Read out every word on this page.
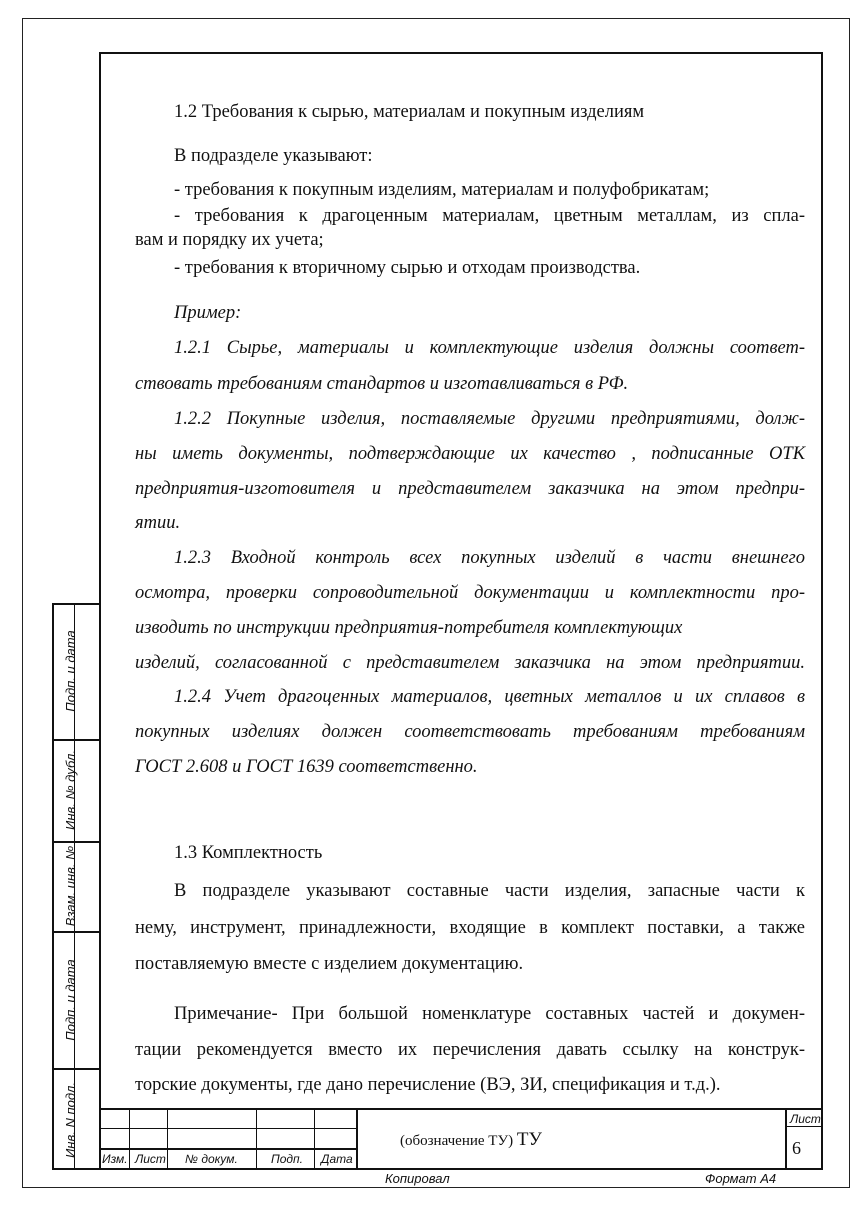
1.2 Требования к сырью, материалам и покупным изделиям
В подразделе указывают:
- требования к покупным изделиям, материалам и полуфобрикатам;
- требования к драгоценным материалам, цветным металлам, из спла-
вам и порядку их учета;
- требования к вторичному сырью и отходам производства.
Пример:
1.2.1 Сырье, материалы и комплектующие изделия должны соответ-
ствовать требованиям стандартов и изготавливаться в РФ.
1.2.2 Покупные изделия, поставляемые другими предприятиями, долж-
ны иметь документы, подтверждающие их качество , подписанные ОТК
предприятия-изготовителя и представителем заказчика на этом предпри-
ятии.
1.2.3 Входной контроль всех покупных изделий в части внешнего
осмотра, проверки сопроводительной документации и комплектности про-
изводить по инструкции предприятия-потребителя комплектующих
изделий, согласованной с представителем заказчика на этом предприятии.
1.2.4 Учет драгоценных материалов, цветных металлов и их сплавов в
покупных изделиях должен соответствовать требованиям требованиям
ГОСТ 2.608 и ГОСТ 1639 соответственно.
1.3 Комплектность
В подразделе указывают составные части изделия, запасные части к
нему, инструмент, принадлежности, входящие в комплект поставки, а также
поставляемую вместе с изделием документацию.
Примечание- При большой номенклатуре составных частей и докумен-
тации рекомендуется вместо их перечисления давать ссылку на конструк-
торские документы, где дано перечисление (ВЭ, ЗИ, спецификация и т.д.).
Подп. и дата
Инв. № дубл.
Взам. инв. №
Подп. и дата
Инв. N подл.
Изм. Лист № докум.	Подп. Дата
(обозначение ТУ) ТУ
Лист
6
Копировал	Формат А4
